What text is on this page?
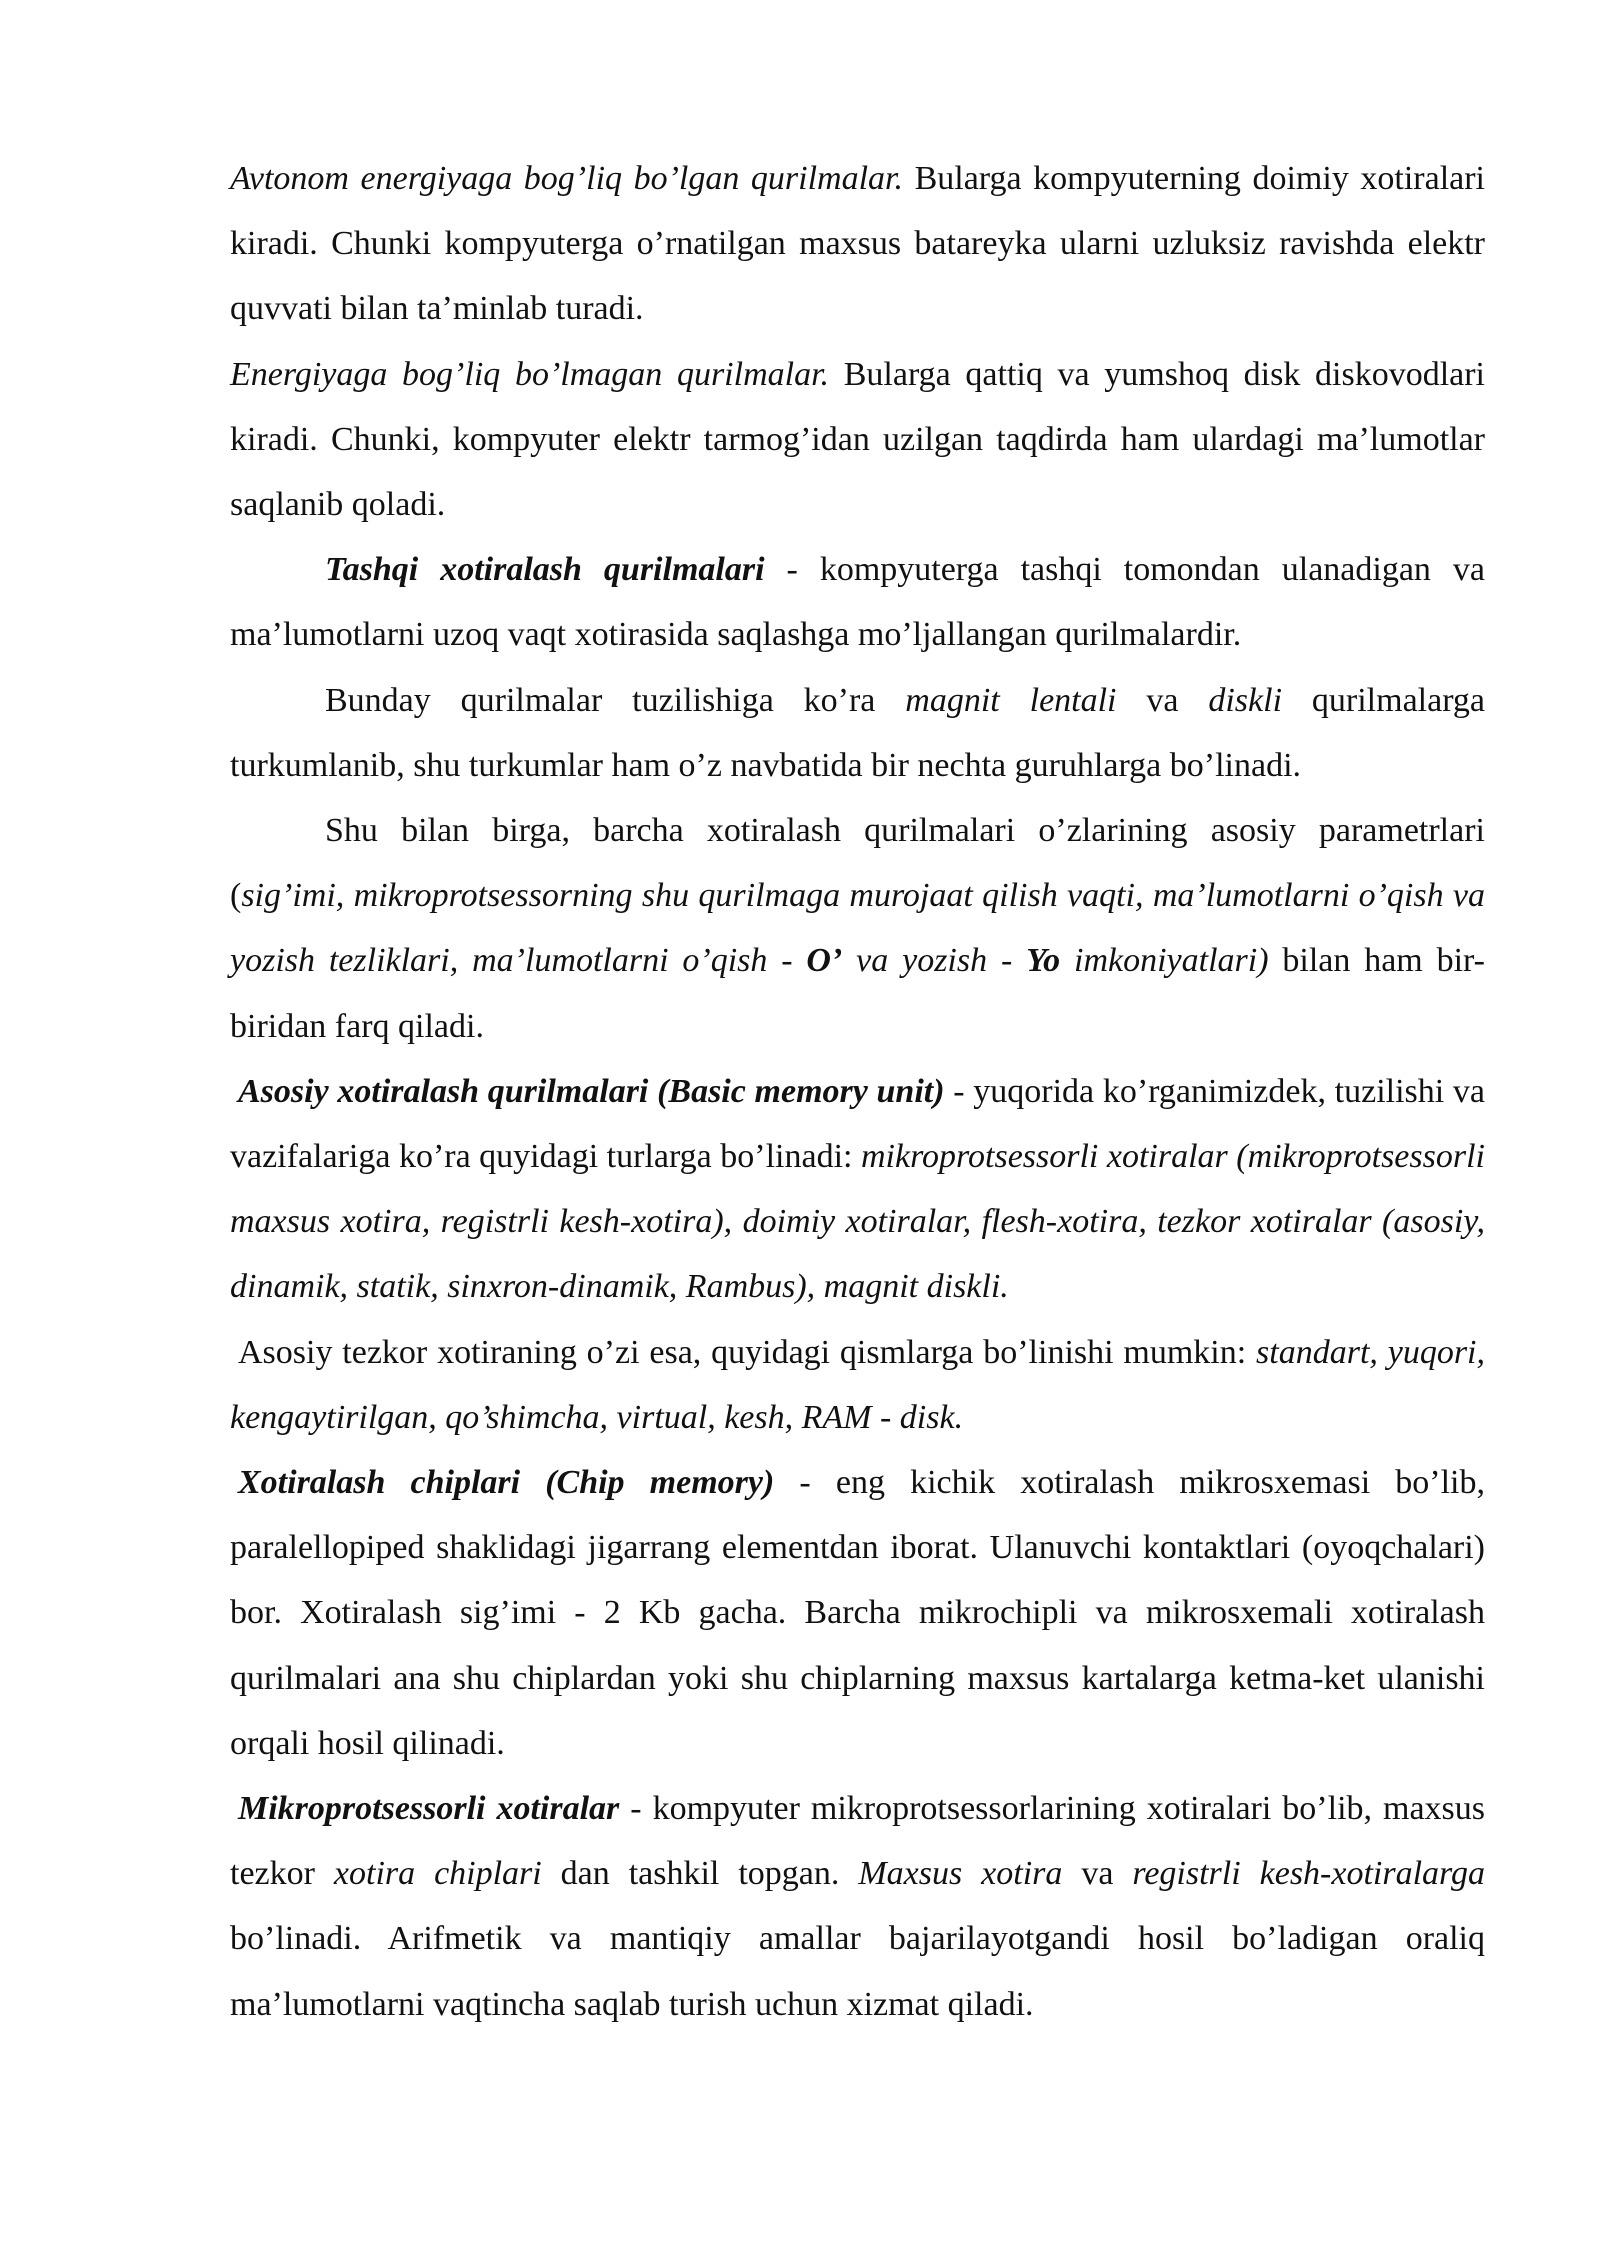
Avtonom energiyaga bog’liq bo’lgan qurilmalar. Bularga kompyuterning doimiy xotiralari kiradi. Chunki kompyuterga o’rnatilgan maxsus batareyka ularni uzluksiz ravishda elektr quvvati bilan ta’minlab turadi.

Energiyaga bog’liq bo’lmagan qurilmalar. Bularga qattiq va yumshoq disk diskovodlari kiradi. Chunki, kompyuter elektr tarmog’idan uzilgan taqdirda ham ulardagi ma’lumotlar saqlanib qoladi.

Tashqi xotiralash qurilmalari - kompyuterga tashqi tomondan ulanadigan va ma’lumotlarni uzoq vaqt xotirasida saqlashga mo’ljallangan qurilmalardir.

Bunday qurilmalar tuzilishiga ko’ra magnit lentali va diskli qurilmalarga turkumlanib, shu turkumlar ham o’z navbatida bir nechta guruhlarga bo’linadi.

Shu bilan birga, barcha xotiralash qurilmalari o’zlarining asosiy parametrlari (sig’imi, mikroprotsessorning shu qurilmaga murojaat qilish vaqti, ma’lumotlarni o’qish va yozish tezliklari, ma’lumotlarni o’qish - O’ va yozish - Yo imkoniyatlari) bilan ham bir-biridan farq qiladi.

Asosiy xotiralash qurilmalari (Basic memory unit) - yuqorida ko’rganimizdek, tuzilishi va vazifalariga ko’ra quyidagi turlarga bo’linadi: mikroprotsessorli xotiralar (mikroprotsessorli maxsus xotira, registrli kesh-xotira), doimiy xotiralar, flesh-xotira, tezkor xotiralar (asosiy, dinamik, statik, sinxron-dinamik, Rambus), magnit diskli.

Asosiy tezkor xotiraning o’zi esa, quyidagi qismlarga bo’linishi mumkin: standart, yuqori, kengaytirilgan, qo’shimcha, virtual, kesh, RAM - disk.

Xotiralash chiplari (Chip memory) - eng kichik xotiralash mikrosxemasi bo’lib, paralellopiped shaklidagi jigarrang elementdan iborat. Ulanuvchi kontaktlari (oyoqchalari) bor. Xotiralash sig’imi - 2 Kb gacha. Barcha mikrochipli va mikrosxemali xotiralash qurilmalari ana shu chiplardan yoki shu chiplarning maxsus kartalarga ketma-ket ulanishi orqali hosil qilinadi.

Mikroprotsessorli xotiralar - kompyuter mikroprotsessorlarining xotiralari bo’lib, maxsus tezkor xotira chiplari dan tashkil topgan. Maxsus xotira va registrli kesh-xotiralarga bo’linadi. Arifmetik va mantiqiy amallar bajarilayotgandi hosil bo’ladigan oraliq ma’lumotlarni vaqtincha saqlab turish uchun xizmat qiladi.
